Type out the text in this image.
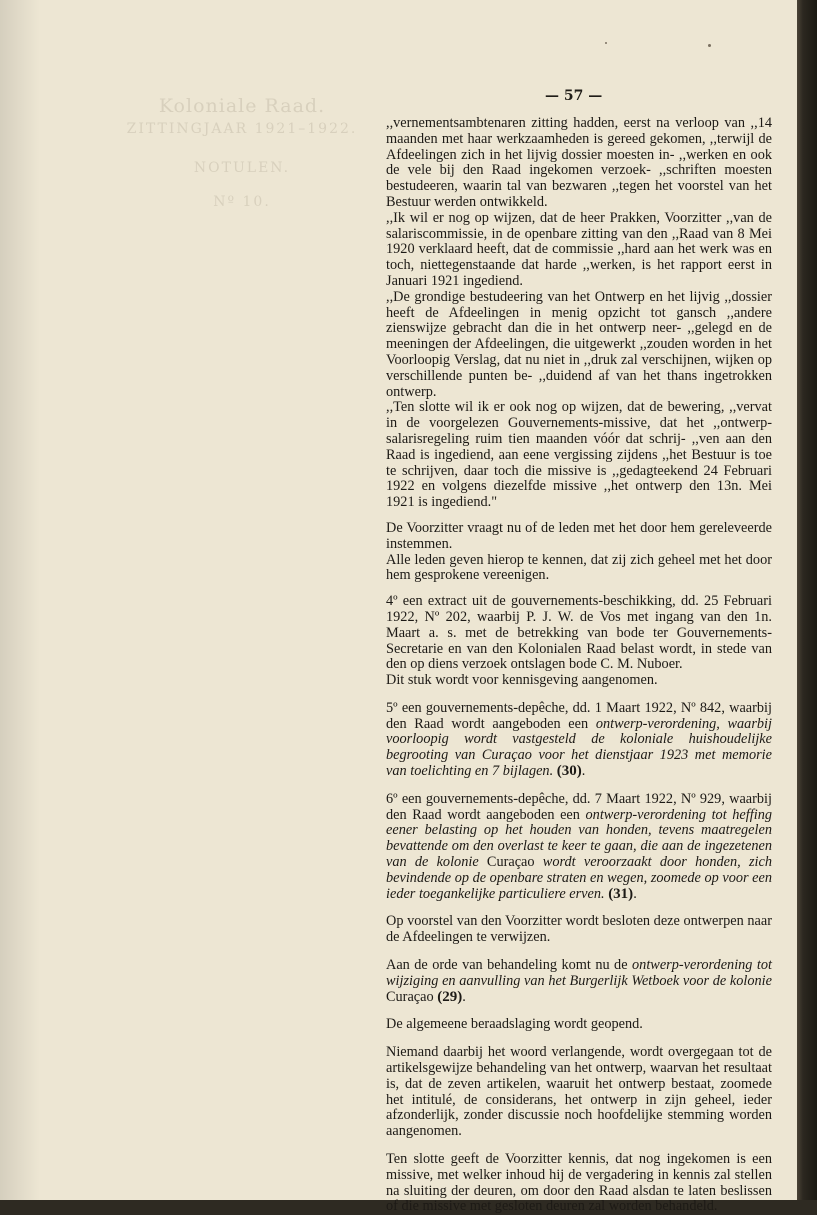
Koloniale Raad.
ZITTINGJAAR 1921–1922.
NOTULEN.
Nº 10.
— 57 —

,,vernementsambtenaren zitting hadden, eerst na verloop van ,,14 maanden met haar werkzaamheden is gereed gekomen, ,,terwijl de Afdeelingen zich in het lijvig dossier moesten in- ,,werken en ook de vele bij den Raad ingekomen verzoek- ,,schriften moesten bestudeeren, waarin tal van bezwaren ,,tegen het voorstel van het Bestuur werden ontwikkeld.

,,Ik wil er nog op wijzen, dat de heer Prakken, Voorzitter ,,van de salariscommissie, in de openbare zitting van den ,,Raad van 8 Mei 1920 verklaard heeft, dat de commissie ,,hard aan het werk was en toch, niettegenstaande dat harde ,,werken, is het rapport eerst in Januari 1921 ingediend.

,,De grondige bestudeering van het Ontwerp en het lijvig ,,dossier heeft de Afdeelingen in menig opzicht tot gansch ,,andere zienswijze gebracht dan die in het ontwerp neer- ,,gelegd en de meeningen der Afdeelingen, die uitgewerkt ,,zouden worden in het Voorloopig Verslag, dat nu niet in ,,druk zal verschijnen, wijken op verschillende punten be- ,,duidend af van het thans ingetrokken ontwerp.

,,Ten slotte wil ik er ook nog op wijzen, dat de bewering, ,,vervat in de voorgelezen Gouvernements-missive, dat het ,,ontwerp-salarisregeling ruim tien maanden vóór dat schrij- ,,ven aan den Raad is ingediend, aan eene vergissing zijdens ,,het Bestuur is toe te schrijven, daar toch die missive is ,,gedagteekend 24 Februari 1922 en volgens diezelfde missive ,,het ontwerp den 13n. Mei 1921 is ingediend."

De Voorzitter vraagt nu of de leden met het door hem gereleveerde instemmen.

Alle leden geven hierop te kennen, dat zij zich geheel met het door hem gesprokene vereenigen.

4º een extract uit de gouvernements-beschikking, dd. 25 Februari 1922, Nº 202, waarbij P. J. W. de Vos met ingang van den 1n. Maart a. s. met de betrekking van bode ter Gouvernements-Secretarie en van den Kolonialen Raad belast wordt, in stede van den op diens verzoek ontslagen bode C. M. Nuboer.

Dit stuk wordt voor kennisgeving aangenomen.

5º een gouvernements-depêche, dd. 1 Maart 1922, Nº 842, waarbij den Raad wordt aangeboden een ontwerp-verordening, waarbij voorloopig wordt vastgesteld de koloniale huishoudelijke begrooting van Curaçao voor het dienstjaar 1923 met memorie van toelichting en 7 bijlagen. (30).

6º een gouvernements-depêche, dd. 7 Maart 1922, Nº 929, waarbij den Raad wordt aangeboden een ontwerp-verordening tot heffing eener belasting op het houden van honden, tevens maatregelen bevattende om den overlast te keer te gaan, die aan de ingezetenen van de kolonie Curaçao wordt veroorzaakt door honden, zich bevindende op de openbare straten en wegen, zoomede op voor een ieder toegankelijke particuliere erven. (31).

Op voorstel van den Voorzitter wordt besloten deze ontwerpen naar de Afdeelingen te verwijzen.

Aan de orde van behandeling komt nu de ontwerp-verordening tot wijziging en aanvulling van het Burgerlijk Wetboek voor de kolonie Curaçao (29).

De algemeene beraadslaging wordt geopend.

Niemand daarbij het woord verlangende, wordt overgegaan tot de artikelsgewijze behandeling van het ontwerp, waarvan het resultaat is, dat de zeven artikelen, waaruit het ontwerp bestaat, zoomede het intitulé, de considerans, het ontwerp in zijn geheel, ieder afzonderlijk, zonder discussie noch hoofdelijke stemming worden aangenomen.

Ten slotte geeft de Voorzitter kennis, dat nog ingekomen is een missive, met welker inhoud hij de vergadering in kennis zal stellen na sluiting der deuren, om door den Raad alsdan te laten beslissen of die missive met gesloten deuren zal worden behandeld.
